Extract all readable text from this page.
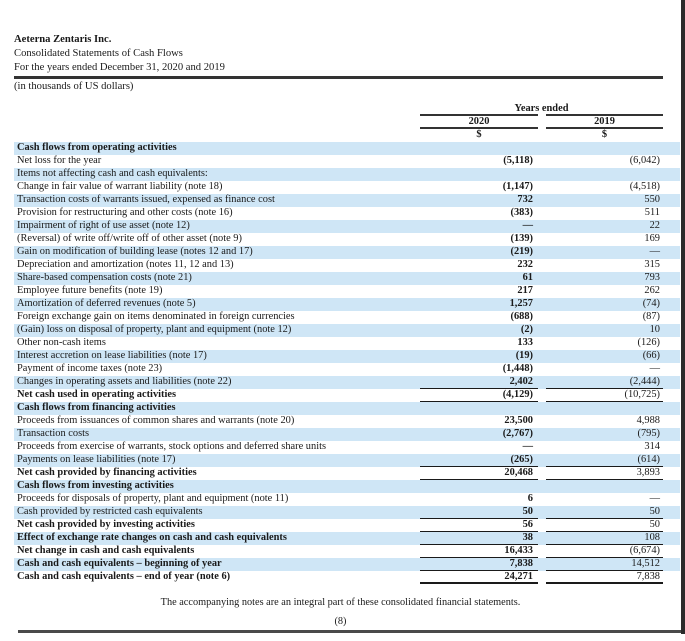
Aeterna Zentaris Inc.
Consolidated Statements of Cash Flows
For the years ended December 31, 2020 and 2019
(in thousands of US dollars)
Years ended
2020	2019
$	$
Cash flows from operating activities
Net loss for the year	(5,118)	(6,042)
Items not affecting cash and cash equivalents:
Change in fair value of warrant liability (note 18)	(1,147)	(4,518)
Transaction costs of warrants issued, expensed as finance cost	732	550
Provision for restructuring and other costs (note 16)	(383)	511
Impairment of right of use asset (note 12)	—	22
(Reversal) of write off/write off of other asset (note 9)	(139)	169
Gain on modification of building lease (notes 12 and 17)	(219)	—
Depreciation and amortization (notes 11, 12 and 13)	232	315
Share-based compensation costs (note 21)	61	793
Employee future benefits (note 19)	217	262
Amortization of deferred revenues (note 5)	1,257	(74)
Foreign exchange gain on items denominated in foreign currencies	(688)	(87)
(Gain) loss on disposal of property, plant and equipment (note 12)	(2)	10
Other non-cash items	133	(126)
Interest accretion on lease liabilities (note 17)	(19)	(66)
Payment of income taxes (note 23)	(1,448)	—
Changes in operating assets and liabilities (note 22)	2,402	(2,444)
Net cash used in operating activities	(4,129)	(10,725)
Cash flows from financing activities
Proceeds from issuances of common shares and warrants (note 20)	23,500	4,988
Transaction costs	(2,767)	(795)
Proceeds from exercise of warrants, stock options and deferred share units	—	314
Payments on lease liabilities (note 17)	(265)	(614)
Net cash provided by financing activities	20,468	3,893
Cash flows from investing activities
Proceeds for disposals of property, plant and equipment (note 11)	6	—
Cash provided by restricted cash equivalents	50	50
Net cash provided by investing activities	56	50
Effect of exchange rate changes on cash and cash equivalents	38	108
Net change in cash and cash equivalents	16,433	(6,674)
Cash and cash equivalents – beginning of year	7,838	14,512
Cash and cash equivalents – end of year (note 6)	24,271	7,838
The accompanying notes are an integral part of these consolidated financial statements.
(8)
